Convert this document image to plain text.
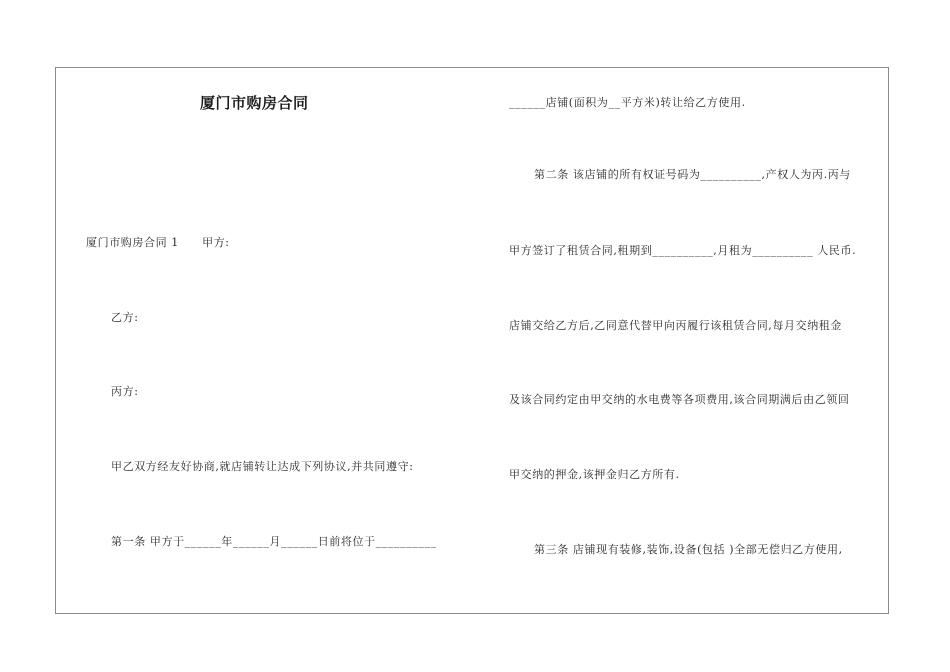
厦门市购房合同
厦门市购房合同 1　　甲方:
乙方:
丙方:
甲乙双方经友好协商,就店铺转让达成下列协议,并共同遵守:
第一条 甲方于______年______月______日前将位于__________
______店铺(面积为__平方米)转让给乙方使用.
第二条 该店铺的所有权证号码为__________,产权人为丙.丙与
甲方签订了租赁合同,租期到__________,月租为__________ 人民币.
店铺交给乙方后,乙同意代替甲向丙履行该租赁合同,每月交纳租金
及该合同约定由甲交纳的水电费等各项费用,该合同期满后由乙领回
甲交纳的押金,该押金归乙方所有.
第三条 店铺现有装修,装饰,设备(包括 )全部无偿归乙方使用,
